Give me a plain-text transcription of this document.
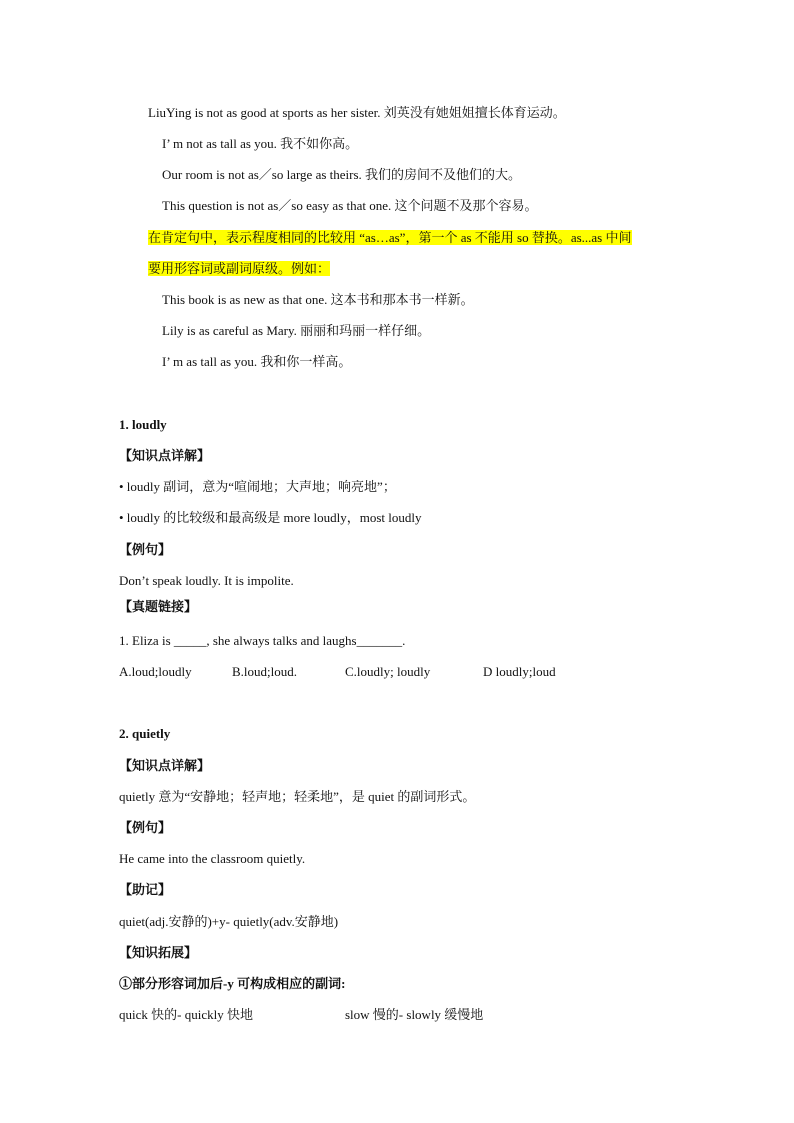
LiuYing is not as good at sports as her sister. 刘英没有她姐姐擅长体育运动。
I’ m not as tall as you. 我不如你高。
Our room is not as／so large as theirs. 我们的房间不及他们的大。
This question is not as／so easy as that one. 这个问题不及那个容易。
在肯定句中，表示程度相同的比较用 “as…as”，第一个 as 不能用 so 替换。as...as 中间
要用形容词或副词原级。例如：
This book is as new as that one. 这本书和那本书一样新。
Lily is as careful as Mary. 丽丽和玛丽一样仔细。
I’ m as tall as you. 我和你一样高。
1. loudly
【知识点详解】
• loudly 副词，意为“喧闹地；大声地；响亮地”；
• loudly 的比较级和最高级是 more loudly，most loudly
【例句】
Don’t speak loudly. It is impolite.
【真题链接】
1. Eliza is _____, she always talks and laughs_______.
A.loud;loudly	B.loud;loud.	C.loudly; loudly	D loudly;loud
2. quietly
【知识点详解】
quietly 意为“安静地；轻声地；轻柔地”，是 quiet 的副词形式。
【例句】
He came into the classroom quietly.
【助记】
quiet(adj.安静的)+y- quietly(adv.安静地)
【知识拓展】
①部分形容词加后-y 可构成相应的副词:
quick 快的- quickly 快地	slow 慢的- slowly 缓慢地
